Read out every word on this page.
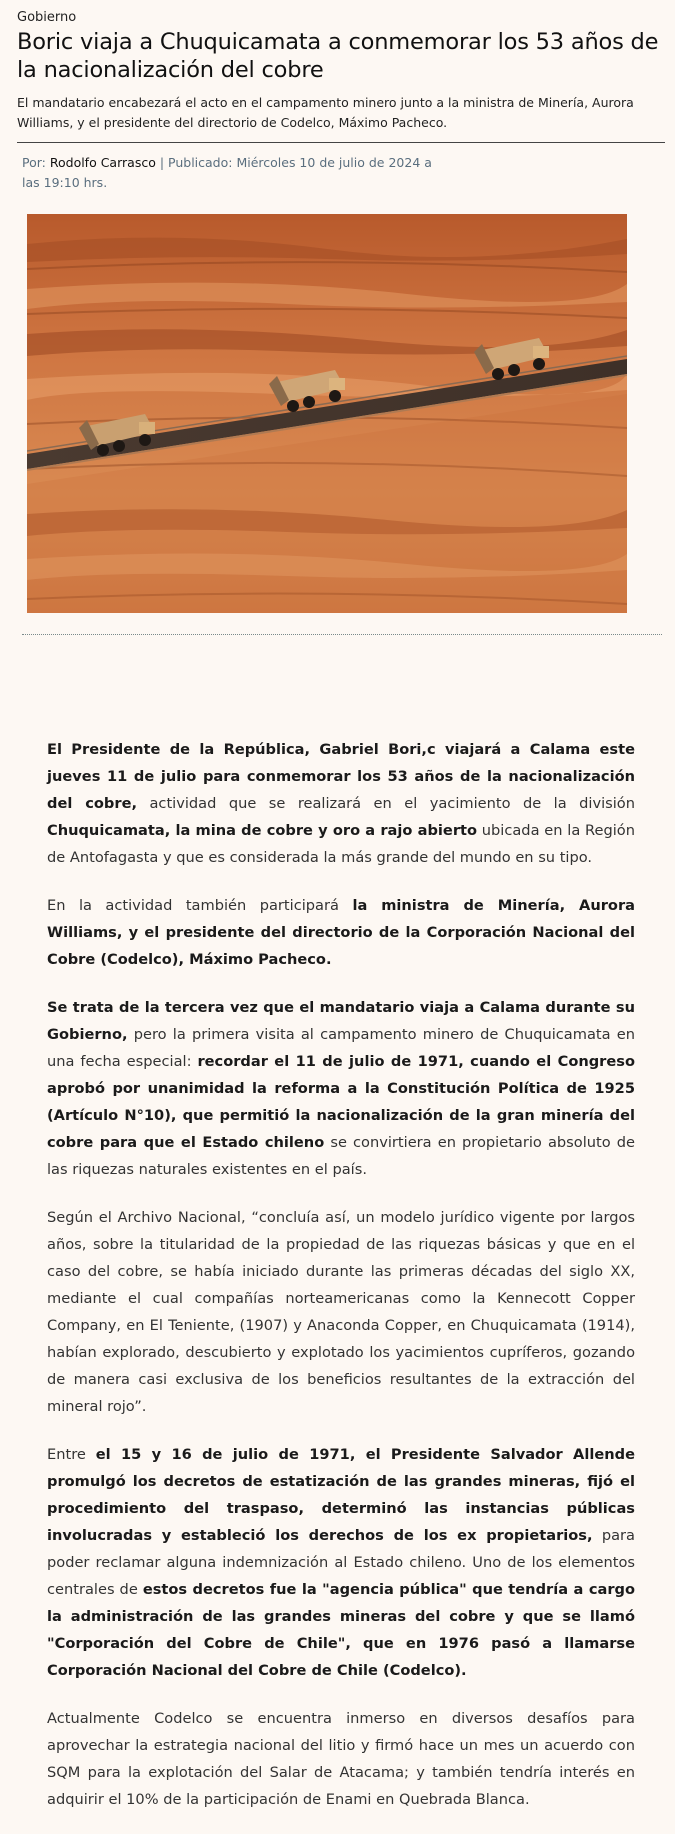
Gobierno

Boric viaja a Chuquicamata a conmemorar los 53 años de la nacionalización del cobre

El mandatario encabezará el acto en el campamento minero junto a la ministra de Minería, Aurora Williams, y el presidente del directorio de Codelco, Máximo Pacheco.

Por: Rodolfo Carrasco | Publicado: Miércoles 10 de julio de 2024 a las 19:10 hrs.

El Presidente de la República, Gabriel Bori,c viajará a Calama este jueves 11 de julio para conmemorar los 53 años de la nacionalización del cobre, actividad que se realizará en el yacimiento de la división Chuquicamata, la mina de cobre y oro a rajo abierto ubicada en la Región de Antofagasta y que es considerada la más grande del mundo en su tipo.

En la actividad también participará la ministra de Minería, Aurora Williams, y el presidente del directorio de la Corporación Nacional del Cobre (Codelco), Máximo Pacheco.

Se trata de la tercera vez que el mandatario viaja a Calama durante su Gobierno, pero la primera visita al campamento minero de Chuquicamata en una fecha especial: recordar el 11 de julio de 1971, cuando el Congreso aprobó por unanimidad la reforma a la Constitución Política de 1925 (Artículo N°10), que permitió la nacionalización de la gran minería del cobre para que el Estado chileno se convirtiera en propietario absoluto de las riquezas naturales existentes en el país.

Según el Archivo Nacional, “concluía así, un modelo jurídico vigente por largos años, sobre la titularidad de la propiedad de las riquezas básicas y que en el caso del cobre, se había iniciado durante las primeras décadas del siglo XX, mediante el cual compañías norteamericanas como la Kennecott Copper Company, en El Teniente, (1907) y Anaconda Copper, en Chuquicamata (1914), habían explorado, descubierto y explotado los yacimientos cupríferos, gozando de manera casi exclusiva de los beneficios resultantes de la extracción del mineral rojo”.

Entre el 15 y 16 de julio de 1971, el Presidente Salvador Allende promulgó los decretos de estatización de las grandes mineras, fijó el procedimiento del traspaso, determinó las instancias públicas involucradas y estableció los derechos de los ex propietarios, para poder reclamar alguna indemnización al Estado chileno. Uno de los elementos centrales de estos decretos fue la "agencia pública" que tendría a cargo la administración de las grandes mineras del cobre y que se llamó "Corporación del Cobre de Chile", que en 1976 pasó a llamarse Corporación Nacional del Cobre de Chile (Codelco).

Actualmente Codelco se encuentra inmerso en diversos desafíos para aprovechar la estrategia nacional del litio y firmó hace un mes un acuerdo con SQM para la explotación del Salar de Atacama; y también tendría interés en adquirir el 10% de la participación de Enami en Quebrada Blanca.
